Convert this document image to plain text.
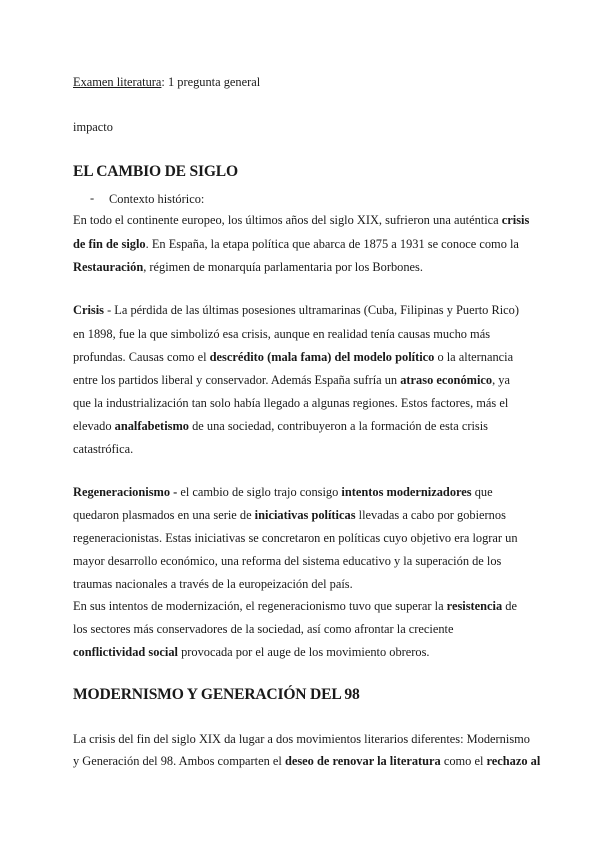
Examen literatura: 1 pregunta general
impacto
EL CAMBIO DE SIGLO
- Contexto histórico:
En todo el continente europeo, los últimos años del siglo XIX, sufrieron una auténtica crisis
de fin de siglo. En España, la etapa política que abarca de 1875 a 1931 se conoce como la
Restauración, régimen de monarquía parlamentaria por los Borbones.
Crisis - La pérdida de las últimas posesiones ultramarinas (Cuba, Filipinas y Puerto Rico)
en 1898, fue la que simbolizó esa crisis, aunque en realidad tenía causas mucho más
profundas. Causas como el descrédito (mala fama) del modelo político o la alternancia
entre los partidos liberal y conservador. Además España sufría un atraso económico, ya
que la industrialización tan solo había llegado a algunas regiones. Estos factores, más el
elevado analfabetismo de una sociedad, contribuyeron a la formación de esta crisis
catastrófica.
Regeneracionismo - el cambio de siglo trajo consigo intentos modernizadores que
quedaron plasmados en una serie de iniciativas políticas llevadas a cabo por gobiernos
regeneracionistas. Estas iniciativas se concretaron en políticas cuyo objetivo era lograr un
mayor desarrollo económico, una reforma del sistema educativo y la superación de los
traumas nacionales a través de la europeización del país.
En sus intentos de modernización, el regeneracionismo tuvo que superar la resistencia de
los sectores más conservadores de la sociedad, así como afrontar la creciente
conflictividad social provocada por el auge de los movimiento obreros.
MODERNISMO Y GENERACIÓN DEL 98
La crisis del fin del siglo XIX da lugar a dos movimientos literarios diferentes: Modernismo
y Generación del 98. Ambos comparten el deseo de renovar la literatura como el rechazo al
